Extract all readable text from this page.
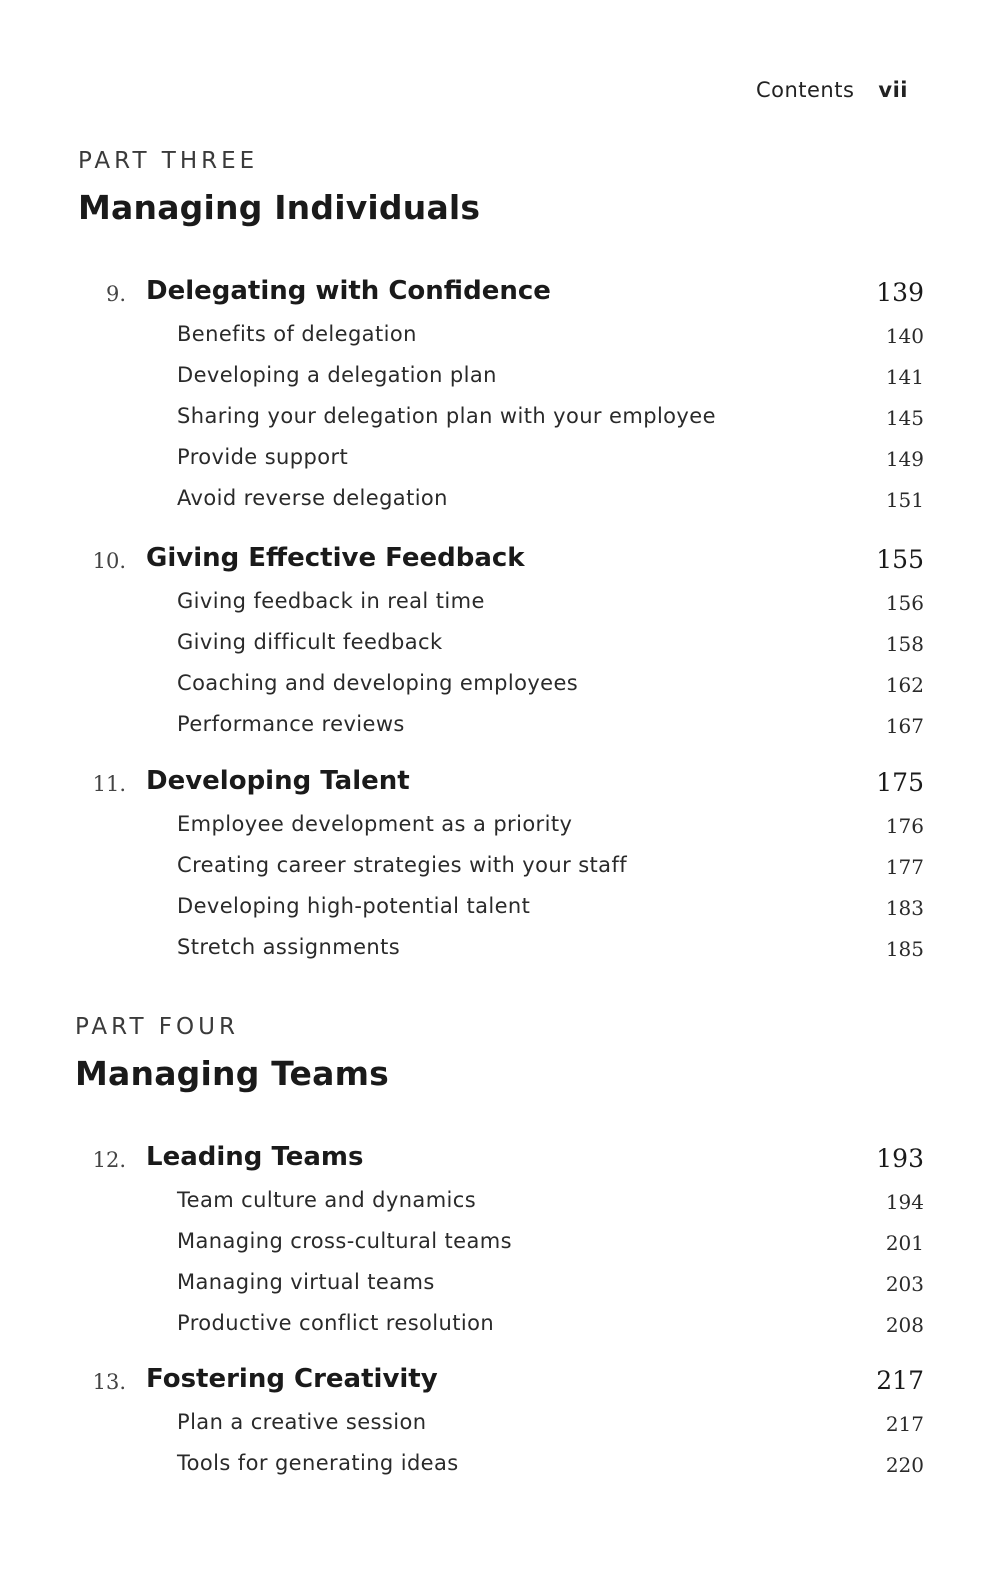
Contents vii
PART THREE
Managing Individuals
9. Delegating with Confidence	139
Benefits of delegation	140
Developing a delegation plan	141
Sharing your delegation plan with your employee	145
Provide support	149
Avoid reverse delegation	151
10. Giving Effective Feedback	155
Giving feedback in real time	156
Giving difficult feedback	158
Coaching and developing employees	162
Performance reviews	167
11. Developing Talent	175
Employee development as a priority	176
Creating career strategies with your staff	177
Developing high-potential talent	183
Stretch assignments	185
PART FOUR
Managing Teams
12. Leading Teams	193
Team culture and dynamics	194
Managing cross-cultural teams	201
Managing virtual teams	203
Productive conflict resolution	208
13. Fostering Creativity	217
Plan a creative session	217
Tools for generating ideas	220
